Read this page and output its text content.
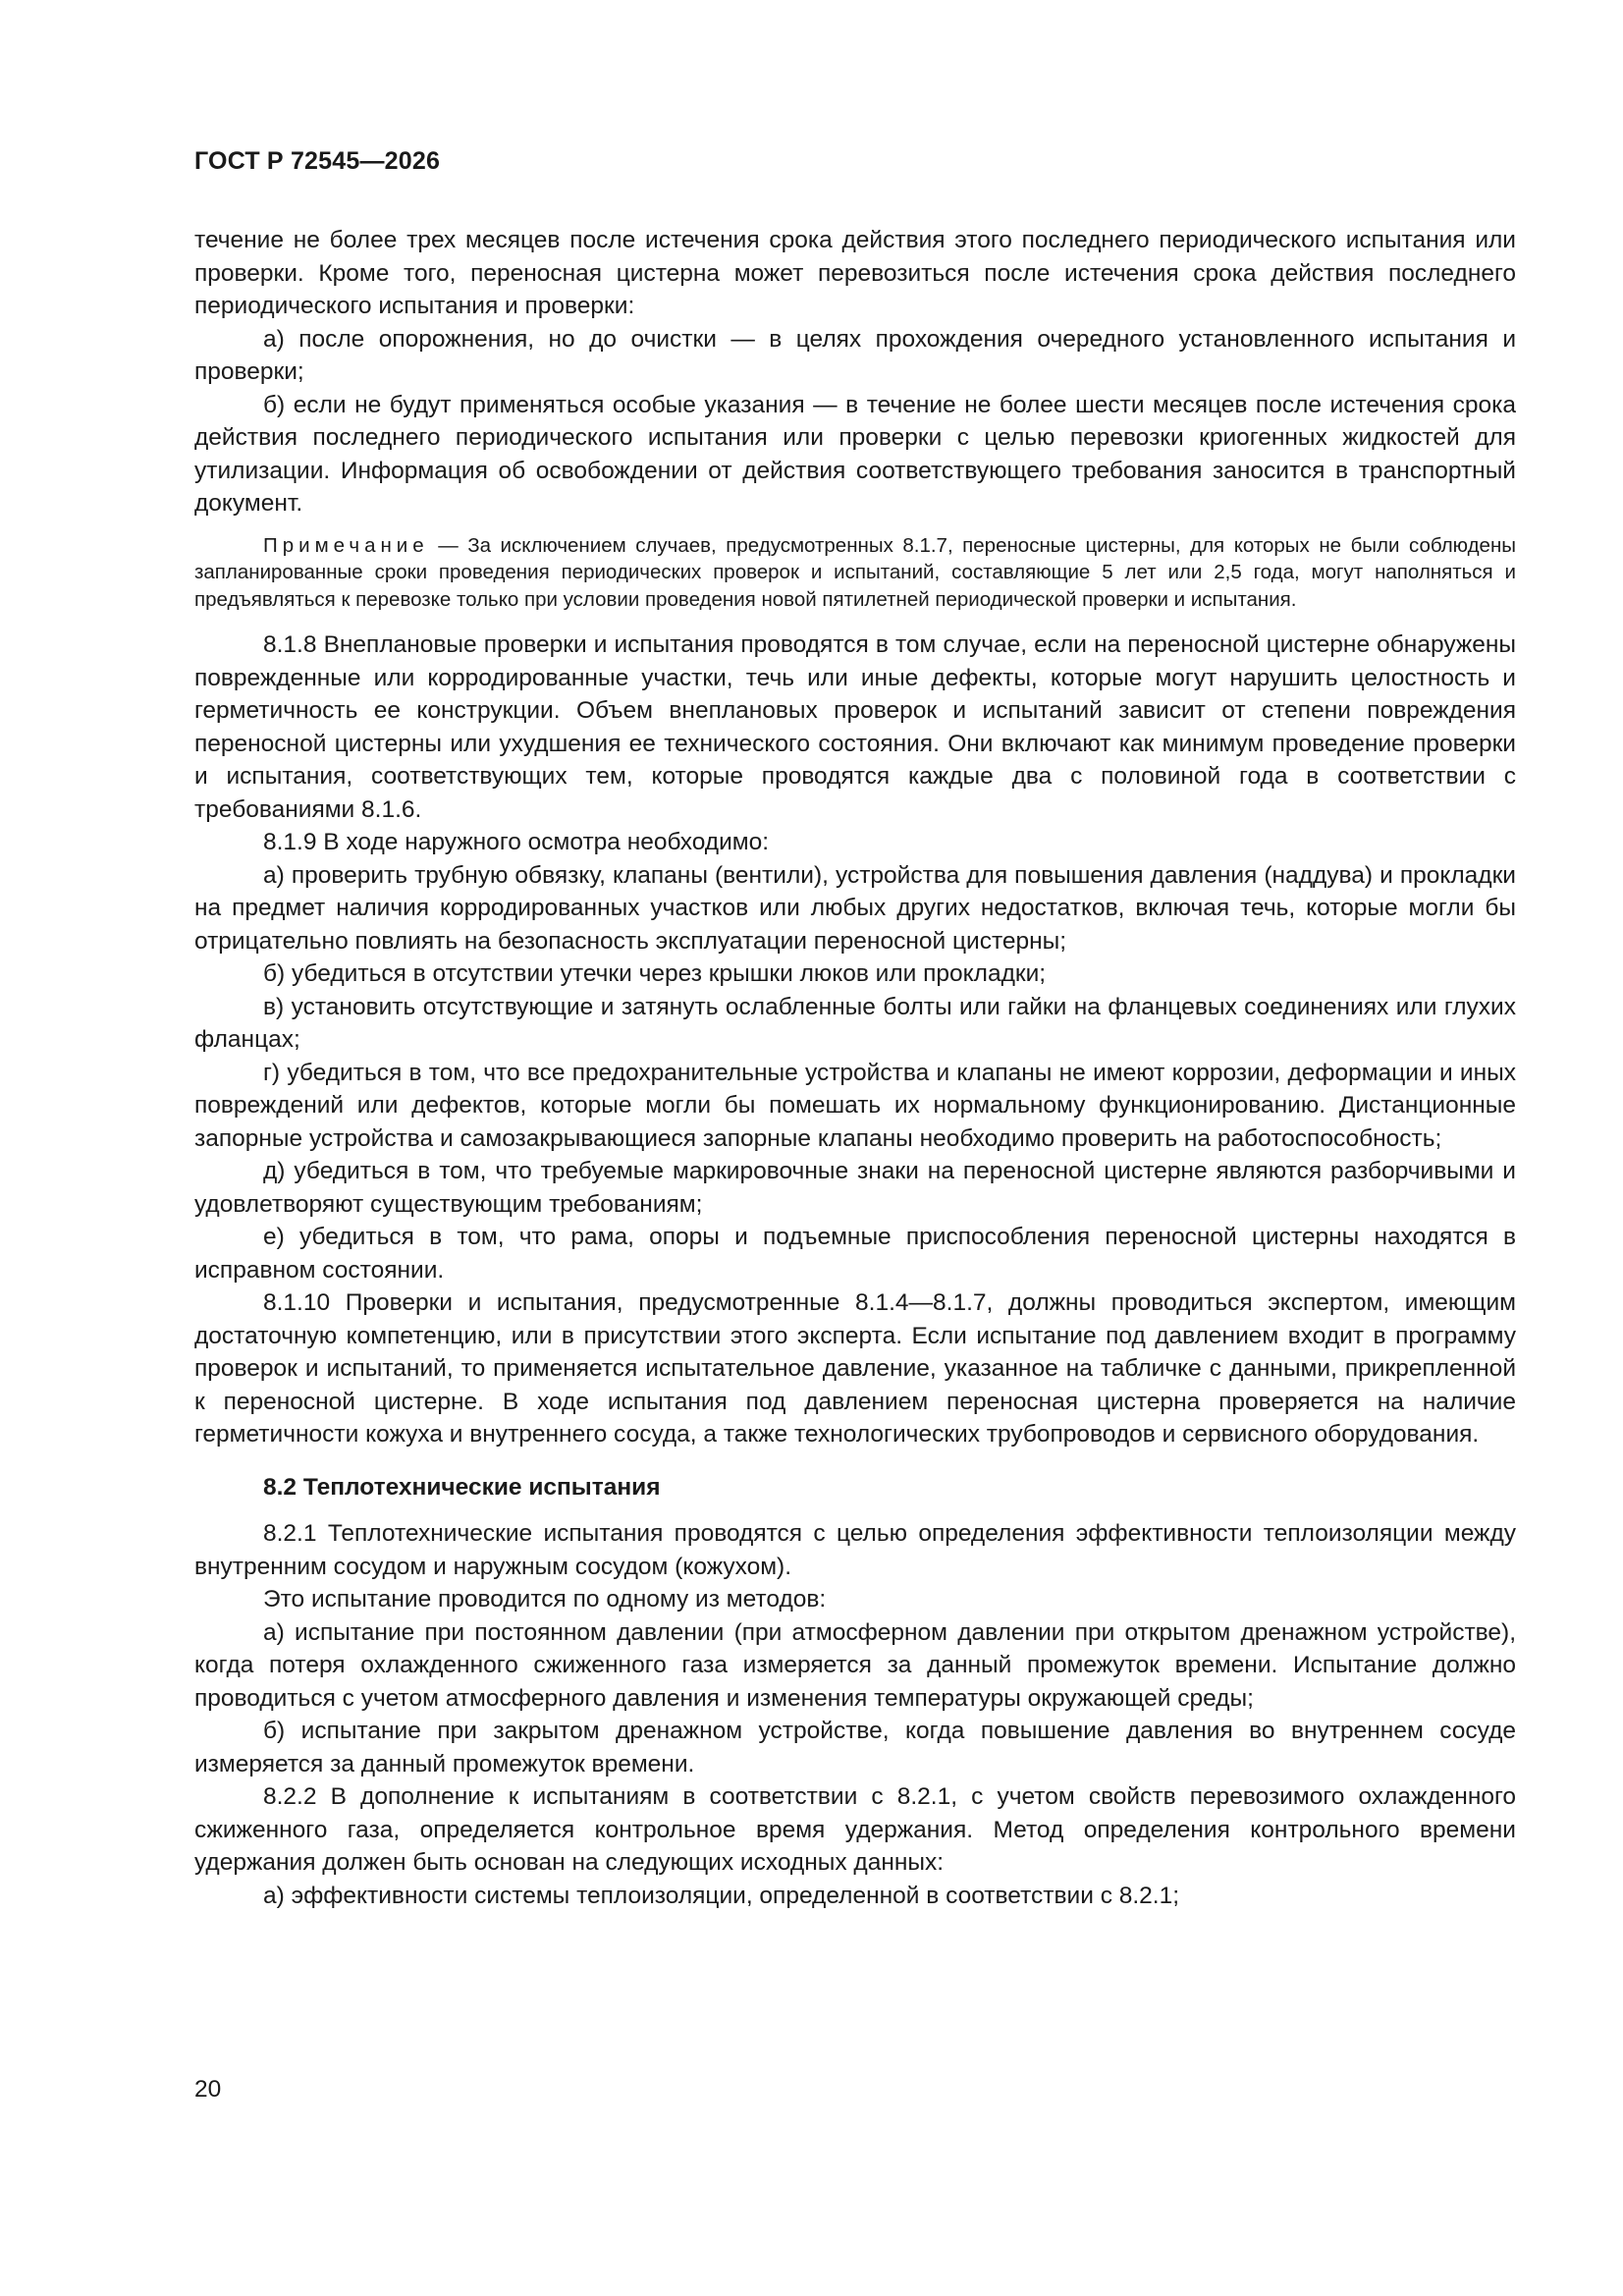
ГОСТ Р 72545—2026

течение не более трех месяцев после истечения срока действия этого последнего периодического испытания или проверки. Кроме того, переносная цистерна может перевозиться после истечения срока действия последнего периодического испытания и проверки:

а) после опорожнения, но до очистки — в целях прохождения очередного установленного испытания и проверки;

б) если не будут применяться особые указания — в течение не более шести месяцев после истечения срока действия последнего периодического испытания или проверки с целью перевозки криогенных жидкостей для утилизации. Информация об освобождении от действия соответствующего требования заносится в транспортный документ.

Примечание — За исключением случаев, предусмотренных 8.1.7, переносные цистерны, для которых не были соблюдены запланированные сроки проведения периодических проверок и испытаний, составляющие 5 лет или 2,5 года, могут наполняться и предъявляться к перевозке только при условии проведения новой пятилетней периодической проверки и испытания.

8.1.8 Внеплановые проверки и испытания проводятся в том случае, если на переносной цистерне обнаружены поврежденные или корродированные участки, течь или иные дефекты, которые могут нарушить целостность и герметичность ее конструкции. Объем внеплановых проверок и испытаний зависит от степени повреждения переносной цистерны или ухудшения ее технического состояния. Они включают как минимум проведение проверки и испытания, соответствующих тем, которые проводятся каждые два с половиной года в соответствии с требованиями 8.1.6.

8.1.9 В ходе наружного осмотра необходимо:

а) проверить трубную обвязку, клапаны (вентили), устройства для повышения давления (наддува) и прокладки на предмет наличия корродированных участков или любых других недостатков, включая течь, которые могли бы отрицательно повлиять на безопасность эксплуатации переносной цистерны;

б) убедиться в отсутствии утечки через крышки люков или прокладки;

в) установить отсутствующие и затянуть ослабленные болты или гайки на фланцевых соединениях или глухих фланцах;

г) убедиться в том, что все предохранительные устройства и клапаны не имеют коррозии, деформации и иных повреждений или дефектов, которые могли бы помешать их нормальному функционированию. Дистанционные запорные устройства и самозакрывающиеся запорные клапаны необходимо проверить на работоспособность;

д) убедиться в том, что требуемые маркировочные знаки на переносной цистерне являются разборчивыми и удовлетворяют существующим требованиям;

е) убедиться в том, что рама, опоры и подъемные приспособления переносной цистерны находятся в исправном состоянии.

8.1.10 Проверки и испытания, предусмотренные 8.1.4—8.1.7, должны проводиться экспертом, имеющим достаточную компетенцию, или в присутствии этого эксперта. Если испытание под давлением входит в программу проверок и испытаний, то применяется испытательное давление, указанное на табличке с данными, прикрепленной к переносной цистерне. В ходе испытания под давлением переносная цистерна проверяется на наличие герметичности кожуха и внутреннего сосуда, а также технологических трубопроводов и сервисного оборудования.

8.2 Теплотехнические испытания

8.2.1 Теплотехнические испытания проводятся с целью определения эффективности теплоизоляции между внутренним сосудом и наружным сосудом (кожухом).

Это испытание проводится по одному из методов:

а) испытание при постоянном давлении (при атмосферном давлении при открытом дренажном устройстве), когда потеря охлажденного сжиженного газа измеряется за данный промежуток времени. Испытание должно проводиться с учетом атмосферного давления и изменения температуры окружающей среды;

б) испытание при закрытом дренажном устройстве, когда повышение давления во внутреннем сосуде измеряется за данный промежуток времени.

8.2.2 В дополнение к испытаниям в соответствии с 8.2.1, с учетом свойств перевозимого охлажденного сжиженного газа, определяется контрольное время удержания. Метод определения контрольного времени удержания должен быть основан на следующих исходных данных:

а) эффективности системы теплоизоляции, определенной в соответствии с 8.2.1;

20
